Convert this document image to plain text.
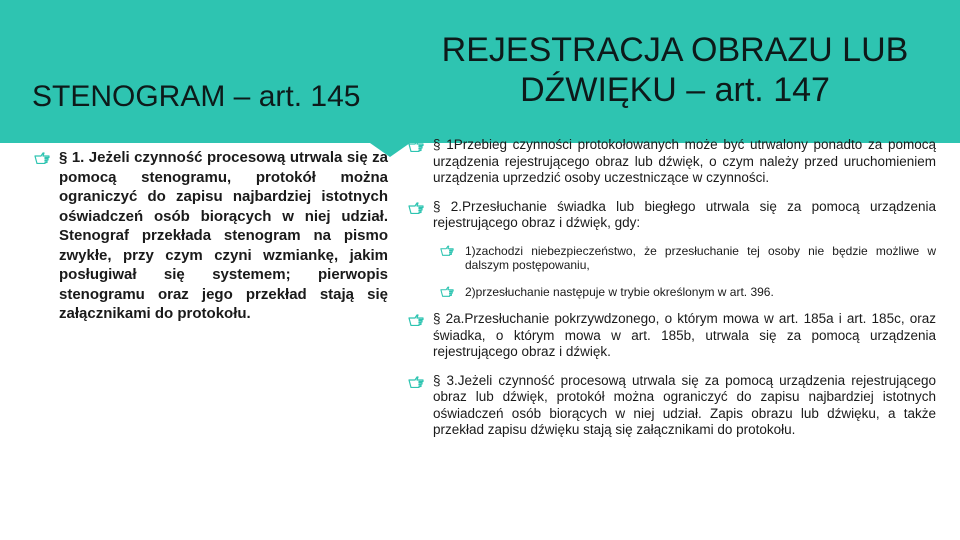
STENOGRAM – art. 145
REJESTRACJA OBRAZU LUB DŹWIĘKU – art. 147
§ 1. Jeżeli czynność procesową utrwala się za pomocą stenogramu, protokół można ograniczyć do zapisu najbardziej istotnych oświadczeń osób biorących w niej udział. Stenograf przekłada stenogram na pismo zwykłe, przy czym czyni wzmiankę, jakim posługiwał się systemem; pierwopis stenogramu oraz jego przekład stają się załącznikami do protokołu.
§ 1Przebieg czynności protokołowanych może być utrwalony ponadto za pomocą urządzenia rejestrującego obraz lub dźwięk, o czym należy przed uruchomieniem urządzenia uprzedzić osoby uczestniczące w czynności.
§ 2.Przesłuchanie świadka lub biegłego utrwala się za pomocą urządzenia rejestrującego obraz i dźwięk, gdy:
1)zachodzi niebezpieczeństwo, że przesłuchanie tej osoby nie będzie możliwe w dalszym postępowaniu,
2)przesłuchanie następuje w trybie określonym w art. 396.
§ 2a.Przesłuchanie pokrzywdzonego, o którym mowa w art. 185a i art. 185c, oraz świadka, o którym mowa w art. 185b, utrwala się za pomocą urządzenia rejestrującego obraz i dźwięk.
§ 3.Jeżeli czynność procesową utrwala się za pomocą urządzenia rejestrującego obraz lub dźwięk, protokół można ograniczyć do zapisu najbardziej istotnych oświadczeń osób biorących w niej udział. Zapis obrazu lub dźwięku, a także przekład zapisu dźwięku stają się załącznikami do protokołu.
